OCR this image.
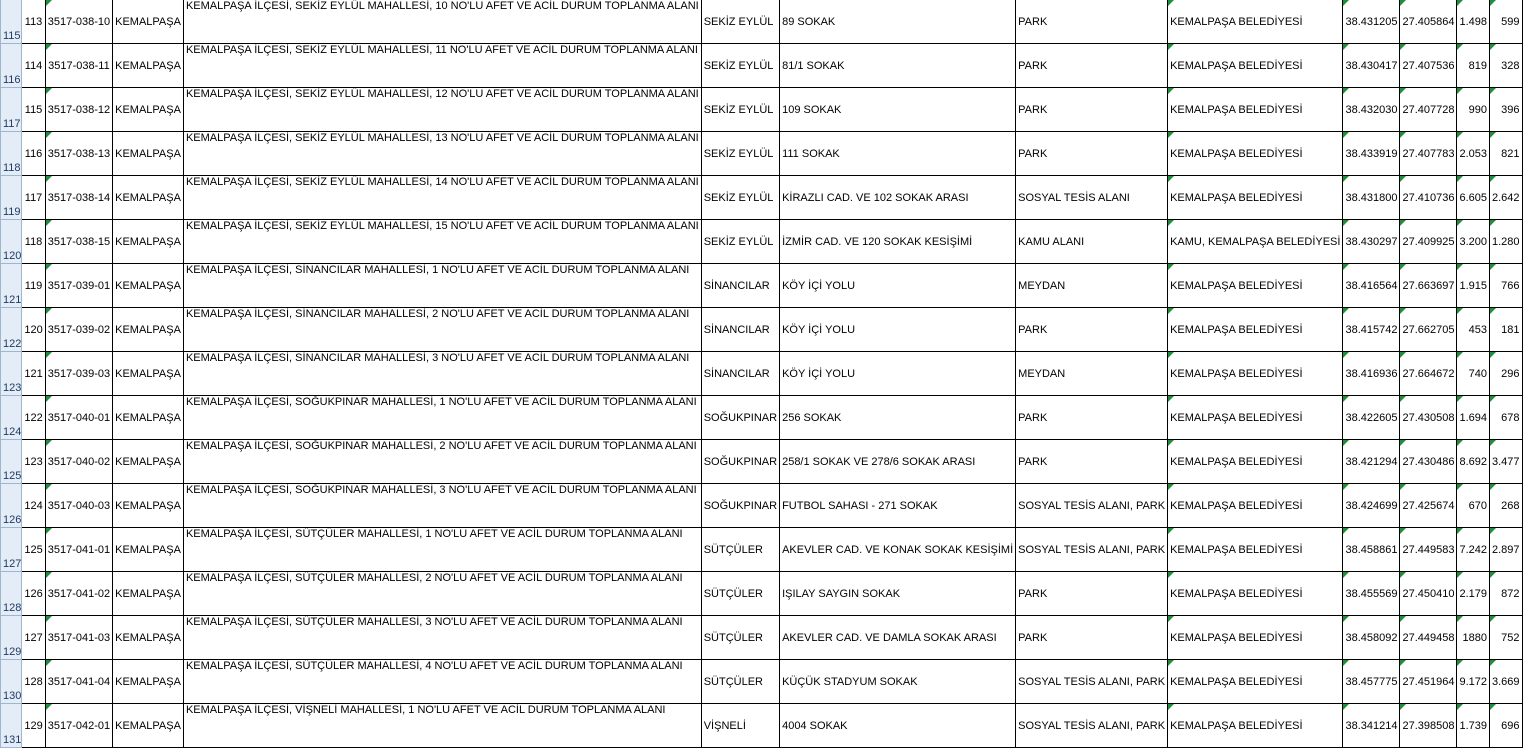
115	113	3517-038-10	KEMALPAŞA	KEMALPAŞA İLÇESİ, SEKİZ EYLÜL MAHALLESİ, 10 NO'LU AFET VE ACİL DURUM TOPLANMA ALANI	SEKİZ EYLÜL	89 SOKAK	PARK	KEMALPAŞA BELEDİYESİ	38.431205	27.405864	1.498	599
116	114	3517-038-11	KEMALPAŞA	KEMALPAŞA İLÇESİ, SEKİZ EYLÜL MAHALLESİ, 11 NO'LU AFET VE ACİL DURUM TOPLANMA ALANI	SEKİZ EYLÜL	81/1 SOKAK	PARK	KEMALPAŞA BELEDİYESİ	38.430417	27.407536	819	328
117	115	3517-038-12	KEMALPAŞA	KEMALPAŞA İLÇESİ, SEKİZ EYLÜL MAHALLESİ, 12 NO'LU AFET VE ACİL DURUM TOPLANMA ALANI	SEKİZ EYLÜL	109 SOKAK	PARK	KEMALPAŞA BELEDİYESİ	38.432030	27.407728	990	396
118	116	3517-038-13	KEMALPAŞA	KEMALPAŞA İLÇESİ, SEKİZ EYLÜL MAHALLESİ, 13 NO'LU AFET VE ACİL DURUM TOPLANMA ALANI	SEKİZ EYLÜL	111 SOKAK	PARK	KEMALPAŞA BELEDİYESİ	38.433919	27.407783	2.053	821
119	117	3517-038-14	KEMALPAŞA	KEMALPAŞA İLÇESİ, SEKİZ EYLÜL MAHALLESİ, 14 NO'LU AFET VE ACİL DURUM TOPLANMA ALANI	SEKİZ EYLÜL	KİRAZLI CAD. VE 102 SOKAK ARASI	SOSYAL TESİS ALANI	KEMALPAŞA BELEDİYESİ	38.431800	27.410736	6.605	2.642
120	118	3517-038-15	KEMALPAŞA	KEMALPAŞA İLÇESİ, SEKİZ EYLÜL MAHALLESİ, 15 NO'LU AFET VE ACİL DURUM TOPLANMA ALANI	SEKİZ EYLÜL	İZMİR CAD. VE 120 SOKAK KESİŞİMİ	KAMU ALANI	KAMU, KEMALPAŞA BELEDİYESİ	38.430297	27.409925	3.200	1.280
121	119	3517-039-01	KEMALPAŞA	KEMALPAŞA İLÇESİ, SİNANCILAR MAHALLESİ, 1 NO'LU AFET VE ACİL DURUM TOPLANMA ALANI	SİNANCILAR	KÖY İÇİ YOLU	MEYDAN	KEMALPAŞA BELEDİYESİ	38.416564	27.663697	1.915	766
122	120	3517-039-02	KEMALPAŞA	KEMALPAŞA İLÇESİ, SİNANCILAR MAHALLESİ, 2 NO'LU AFET VE ACİL DURUM TOPLANMA ALANI	SİNANCILAR	KÖY İÇİ YOLU	PARK	KEMALPAŞA BELEDİYESİ	38.415742	27.662705	453	181
123	121	3517-039-03	KEMALPAŞA	KEMALPAŞA İLÇESİ, SİNANCILAR MAHALLESİ, 3 NO'LU AFET VE ACİL DURUM TOPLANMA ALANI	SİNANCILAR	KÖY İÇİ YOLU	MEYDAN	KEMALPAŞA BELEDİYESİ	38.416936	27.664672	740	296
124	122	3517-040-01	KEMALPAŞA	KEMALPAŞA İLÇESİ, SOĞUKPINAR MAHALLESİ, 1 NO'LU AFET VE ACİL DURUM TOPLANMA ALANI	SOĞUKPINAR	256 SOKAK	PARK	KEMALPAŞA BELEDİYESİ	38.422605	27.430508	1.694	678
125	123	3517-040-02	KEMALPAŞA	KEMALPAŞA İLÇESİ, SOĞUKPINAR MAHALLESİ, 2 NO'LU AFET VE ACİL DURUM TOPLANMA ALANI	SOĞUKPINAR	258/1 SOKAK VE 278/6 SOKAK ARASI	PARK	KEMALPAŞA BELEDİYESİ	38.421294	27.430486	8.692	3.477
126	124	3517-040-03	KEMALPAŞA	KEMALPAŞA İLÇESİ, SOĞUKPINAR MAHALLESİ, 3 NO'LU AFET VE ACİL DURUM TOPLANMA ALANI	SOĞUKPINAR	FUTBOL SAHASI - 271 SOKAK	SOSYAL TESİS ALANI, PARK	KEMALPAŞA BELEDİYESİ	38.424699	27.425674	670	268
127	125	3517-041-01	KEMALPAŞA	KEMALPAŞA İLÇESİ, SÜTÇÜLER MAHALLESİ, 1 NO'LU AFET VE ACİL DURUM TOPLANMA ALANI	SÜTÇÜLER	AKEVLER CAD. VE KONAK SOKAK KESİŞİMİ	SOSYAL TESİS ALANI, PARK	KEMALPAŞA BELEDİYESİ	38.458861	27.449583	7.242	2.897
128	126	3517-041-02	KEMALPAŞA	KEMALPAŞA İLÇESİ, SÜTÇÜLER MAHALLESİ, 2 NO'LU AFET VE ACİL DURUM TOPLANMA ALANI	SÜTÇÜLER	IŞILAY SAYGIN SOKAK	PARK	KEMALPAŞA BELEDİYESİ	38.455569	27.450410	2.179	872
129	127	3517-041-03	KEMALPAŞA	KEMALPAŞA İLÇESİ, SÜTÇÜLER MAHALLESİ, 3 NO'LU AFET VE ACİL DURUM TOPLANMA ALANI	SÜTÇÜLER	AKEVLER CAD. VE DAMLA SOKAK ARASI	PARK	KEMALPAŞA BELEDİYESİ	38.458092	27.449458	1880	752
130	128	3517-041-04	KEMALPAŞA	KEMALPAŞA İLÇESİ, SÜTÇÜLER MAHALLESİ, 4 NO'LU AFET VE ACİL DURUM TOPLANMA ALANI	SÜTÇÜLER	KÜÇÜK STADYUM SOKAK	SOSYAL TESİS ALANI, PARK	KEMALPAŞA BELEDİYESİ	38.457775	27.451964	9.172	3.669
131	129	3517-042-01	KEMALPAŞA	KEMALPAŞA İLÇESİ, VİŞNELİ MAHALLESİ, 1 NO'LU AFET VE ACİL DURUM TOPLANMA ALANI	VİŞNELİ	4004 SOKAK	SOSYAL TESİS ALANI, PARK	KEMALPAŞA BELEDİYESİ	38.341214	27.398508	1.739	696
